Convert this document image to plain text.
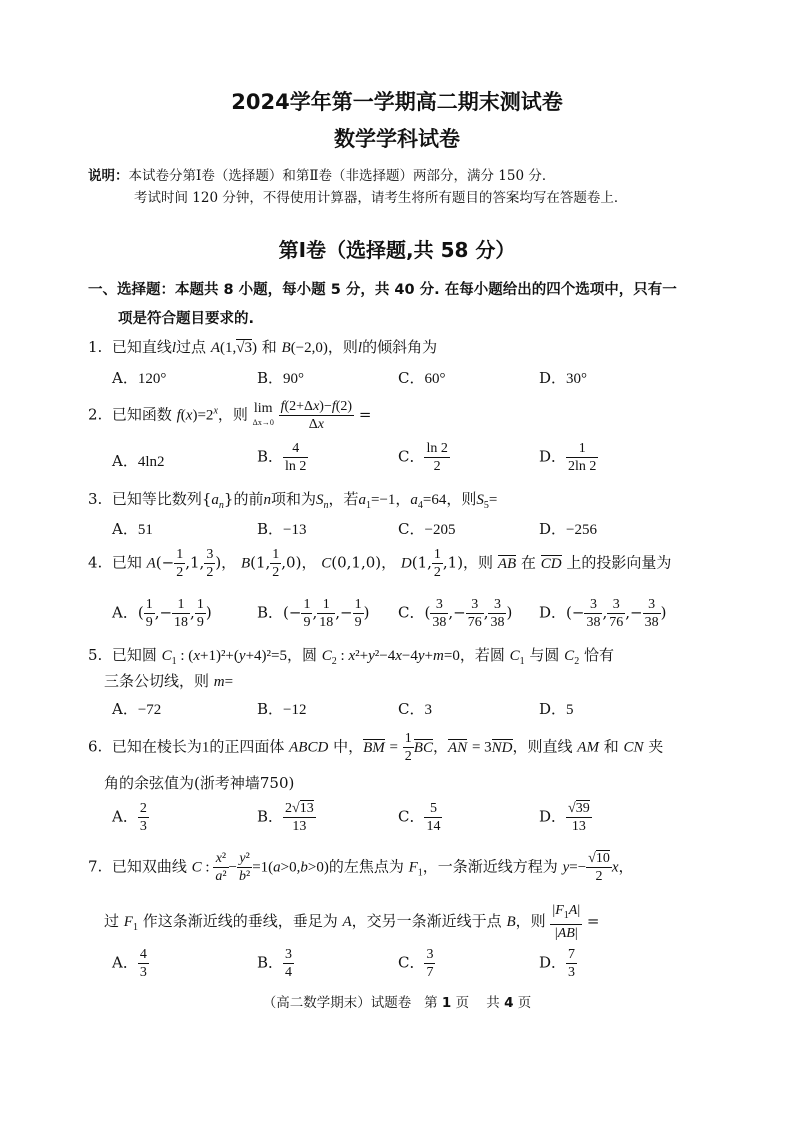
2024学年第一学期高二期末测试卷
数学学科试卷
说明：本试卷分第Ⅰ卷（选择题）和第Ⅱ卷（非选择题）两部分，满分 150 分．
考试时间 120 分钟，不得使用计算器，请考生将所有题目的答案均写在答题卷上．
第Ⅰ卷（选择题,共 58 分）
一、选择题：本题共 8 小题，每小题 5 分，共 40 分. 在每小题给出的四个选项中，只有一
项是符合题目要求的.
1.  已知直线l过点 A(1,√3) 和 B(−2,0)，则l的倾斜角为
A．120°	B．90°	C．60°	D．30°
2.  已知函数 $f(x)=2^x$，则 lim
Δx→0
$\frac{f(2+\Delta x)-f(2)}{\Delta x}$ =
A．4ln2	B． $\frac{4}{\ln 2}$	C． $\frac{\ln 2}{2}$	D． $\frac{1}{2\ln 2}$
3.  已知等比数列$\{a_n\}$的前n项和为$S_n$，若$a_1=-1$，$a_4=64$，则$S_5=$
A．51	B．−13	C．−205	D．−256
4.  已知 $A(- \frac{1}{2} ,1$, $\frac{3}{2}$ )， B(1, $\frac{1}{2} ,0$)， C(0,1,0)， D(1, $\frac{1}{2} ,1$)，则 AB 在 CD 上的投影向量为
A．( $\frac{1}{9}$ ,− $\frac{1}{18}$ , $\frac{1}{9}$ )	B．(− $\frac{1}{9}$ , $\frac{1}{18}$ ,− $\frac{1}{9}$ ) C．( $\frac{3}{38}$ ,− $\frac{3}{76}$ , $\frac{3}{38}$ ) D．(− $\frac{3}{38}$ , $\frac{3}{76}$ ,− $\frac{3}{38}$ )
5.  已知圆 $C_1$ : (x+1)²+(y+4)²=5，圆 $C_2$ : x²+y²−4x−4y+m=0，若圆 $C_1$ 与圆 $C_2$ 恰有
三条公切线，则 m=
A．−72	B．−12	C．3	D．5
6.  已知在棱长为1的正四面体 ABCD 中，BM = $\frac{1}{2}$ BC，AN = 3ND，则直线 AM 和 CN 夹
角的余弦值为(浙考神墙750)
A． $\frac{2}{3}$	B． $\frac{2√13}{13}$	C． $\frac{5}{14}$	D． $\frac{√39}{13}$
7.  已知双曲线 C : $\frac{\text{x²}}{\text{a²}} - \frac{\text{y²}}{\text{b²}} =1(a>0,b>0)$的左焦点为 $F_1$，一条渐近线方程为 $y=- \frac{√10}{2}$ x，
过 $F_1$ 作这条渐近线的垂线，垂足为 A，交另一条渐近线于点 B，则 $\frac{|F_1A|}{|AB|}$ =
A． $\frac{4}{3}$	B． $\frac{3}{4}$	C． $\frac{3}{7}$	D． $\frac{7}{3}$
（高二数学期末）试题卷 第 1 页 共 4 页
